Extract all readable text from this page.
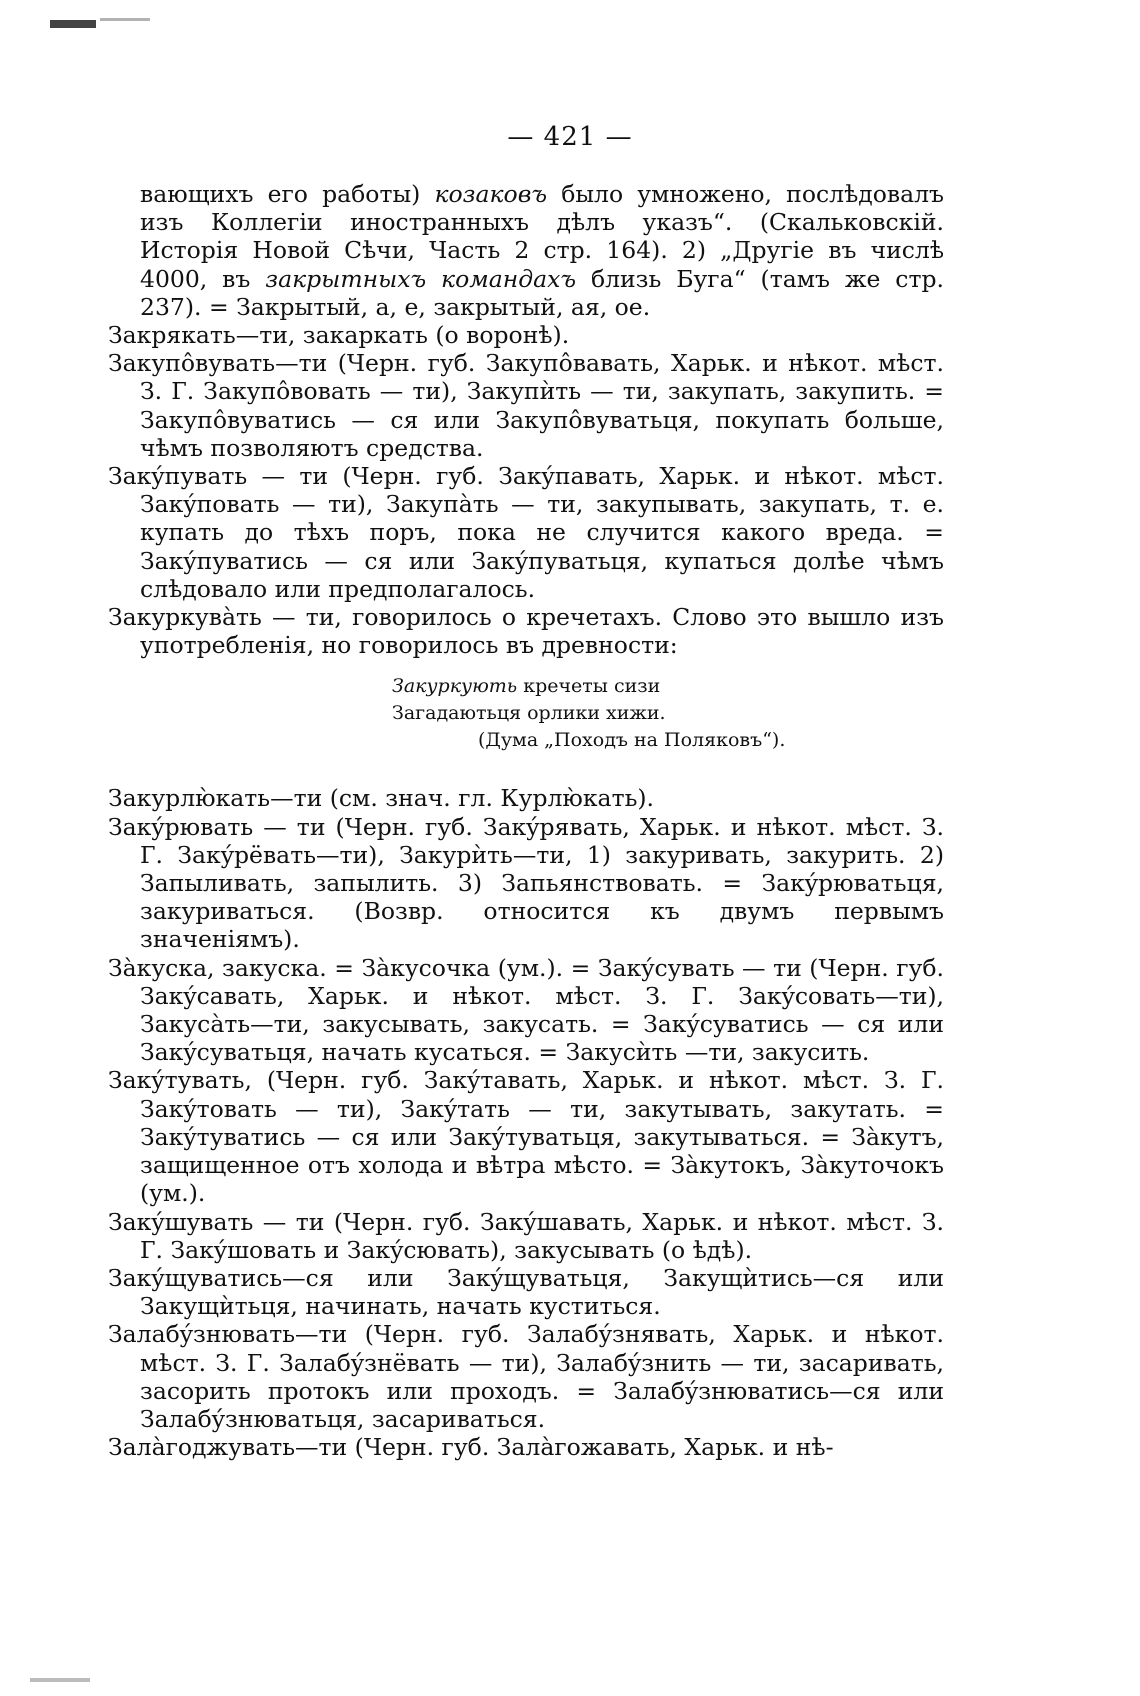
— 421 —

вающихъ его работы) козаковъ было умножено, послѣдовалъ изъ Коллегіи иностранныхъ дѣлъ указъ“. (Скальковскій. Исторія Новой Сѣчи, Часть 2 стр. 164). 2) „Другіе въ числѣ 4000, въ закрытныхъ командахъ близь Буга“ (тамъ же стр. 237). = Закрытый, а, е, закрытый, ая, ое.

Закрякать—ти, закаркать (о воронѣ).

Закупôвувать—ти (Черн. губ. Закупôвавать, Харьк. и нѣкот. мѣст. З. Г. Закупôвовать — ти), Закупѝть — ти, закупать, закупить. = Закупôвуватись — ся или Закупôвуватьця, покупать больше, чѣмъ позволяютъ средства.

Закýпувать — ти (Черн. губ. Закýпавать, Харьк. и нѣкот. мѣст. Закýповать — ти), Закупàть — ти, закупывать, закупать, т. е. купать до тѣхъ поръ, пока не случится какого вреда. = Закýпуватись — ся или Закýпуватьця, купаться долѣе чѣмъ слѣдовало или предполагалось.

Закуркувàть — ти, говорилось о кречетахъ. Слово это вышло изъ употребленія, но говорилось въ древности:

Закуркують кречеты сизи
Загадаютьця орлики хижи.
(Дума „Походъ на Поляковъ“).

Закурлю̀кать—ти (см. знач. гл. Курлю̀кать).

Закýрювать — ти (Черн. губ. Закýрявать, Харьк. и нѣкот. мѣст. З. Г. Закýрёвать—ти), Закурѝть—ти, 1) закуривать, закурить. 2) Запыливать, запылить. 3) Запьянствовать. = Закýрюватьця, закуриваться. (Возвр. относится къ двумъ первымъ значеніямъ).

Зàкуска, закуска. = Зàкусочка (ум.). = Закýсувать — ти (Черн. губ. Закýсавать, Харьк. и нѣкот. мѣст. З. Г. Закýсовать—ти), Закусàть—ти, закусывать, закусать. = Закýсуватись — ся или Закýсуватьця, начать кусаться. = Закусѝть —ти, закусить.

Закýтувать, (Черн. губ. Закýтавать, Харьк. и нѣкот. мѣст. З. Г. Закýтовать — ти), Закýтать — ти, закутывать, закутать. = Закýтуватись — ся или Закýтуватьця, закутываться. = Зàкутъ, защищенное отъ холода и вѣтра мѣсто. = Зàкутокъ, Зàкуточокъ (ум.).

Закýшувать — ти (Черн. губ. Закýшавать, Харьк. и нѣкот. мѣст. З. Г. Закýшовать и Закýсювать), закусывать (о ѣдѣ).

Закýщуватись—ся или Закýщуватьця, Закущѝтись—ся или Закущѝтьця, начинать, начать куститься.

Залабýзнювать—ти (Черн. губ. Залабýзнявать, Харьк. и нѣкот. мѣст. З. Г. Залабýзнёвать — ти), Залабýзнить — ти, засаривать, засорить протокъ или проходъ. = Залабýзнюватись—ся или Залабýзнюватьця, засариваться.

Залàгоджувать—ти (Черн. губ. Залàгожавать, Харьк. и нѣ-
